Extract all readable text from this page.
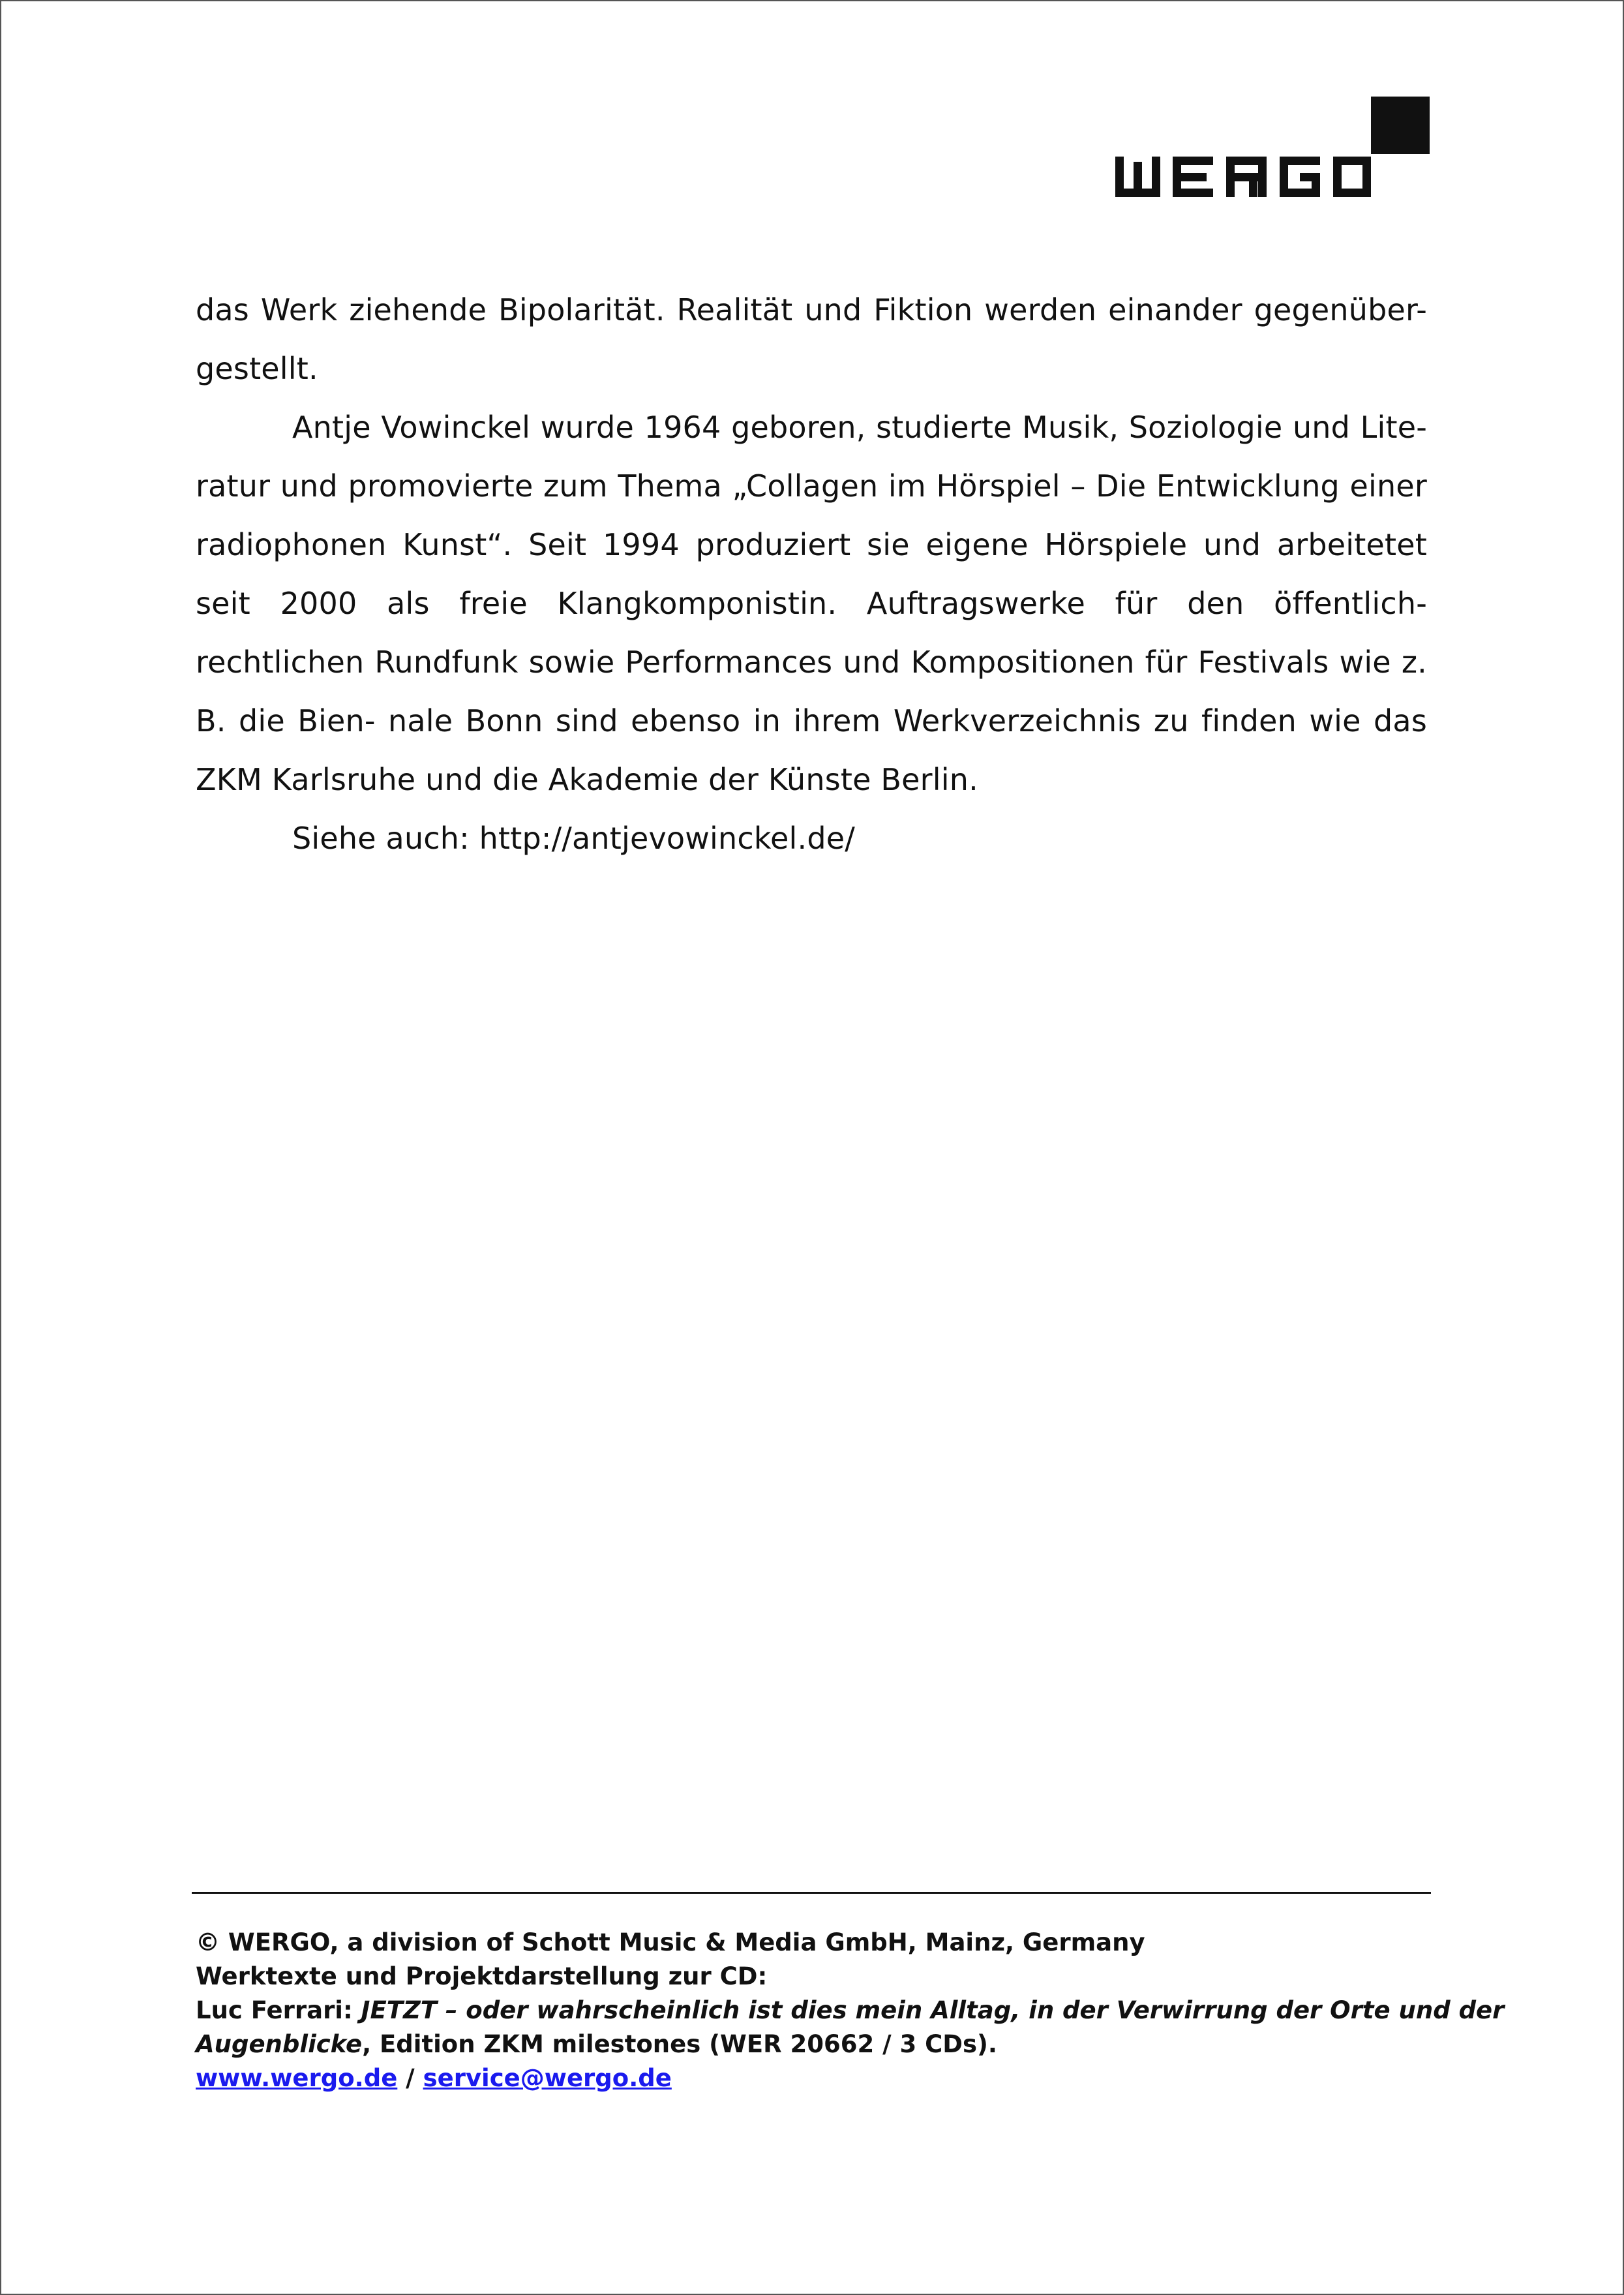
das Werk ziehende Bipolarität. Realität und Fiktion werden einander gegenüber- gestellt.

Antje Vowinckel wurde 1964 geboren, studierte Musik, Soziologie und Lite- ratur und promovierte zum Thema „Collagen im Hörspiel – Die Entwicklung einer radiophonen Kunst“. Seit 1994 produziert sie eigene Hörspiele und arbeitetet seit 2000 als freie Klangkomponistin. Auftragswerke für den öffentlich-rechtlichen Rundfunk sowie Performances und Kompositionen für Festivals wie z. B. die Bien- nale Bonn sind ebenso in ihrem Werkverzeichnis zu finden wie das ZKM Karlsruhe und die Akademie der Künste Berlin.

Siehe auch: http://antjevowinckel.de/

© WERGO, a division of Schott Music & Media GmbH, Mainz, Germany
Werktexte und Projektdarstellung zur CD:
Luc Ferrari: JETZT – oder wahrscheinlich ist dies mein Alltag, in der Verwirrung der Orte und der
Augenblicke, Edition ZKM milestones (WER 20662 / 3 CDs).
www.wergo.de / service@wergo.de
